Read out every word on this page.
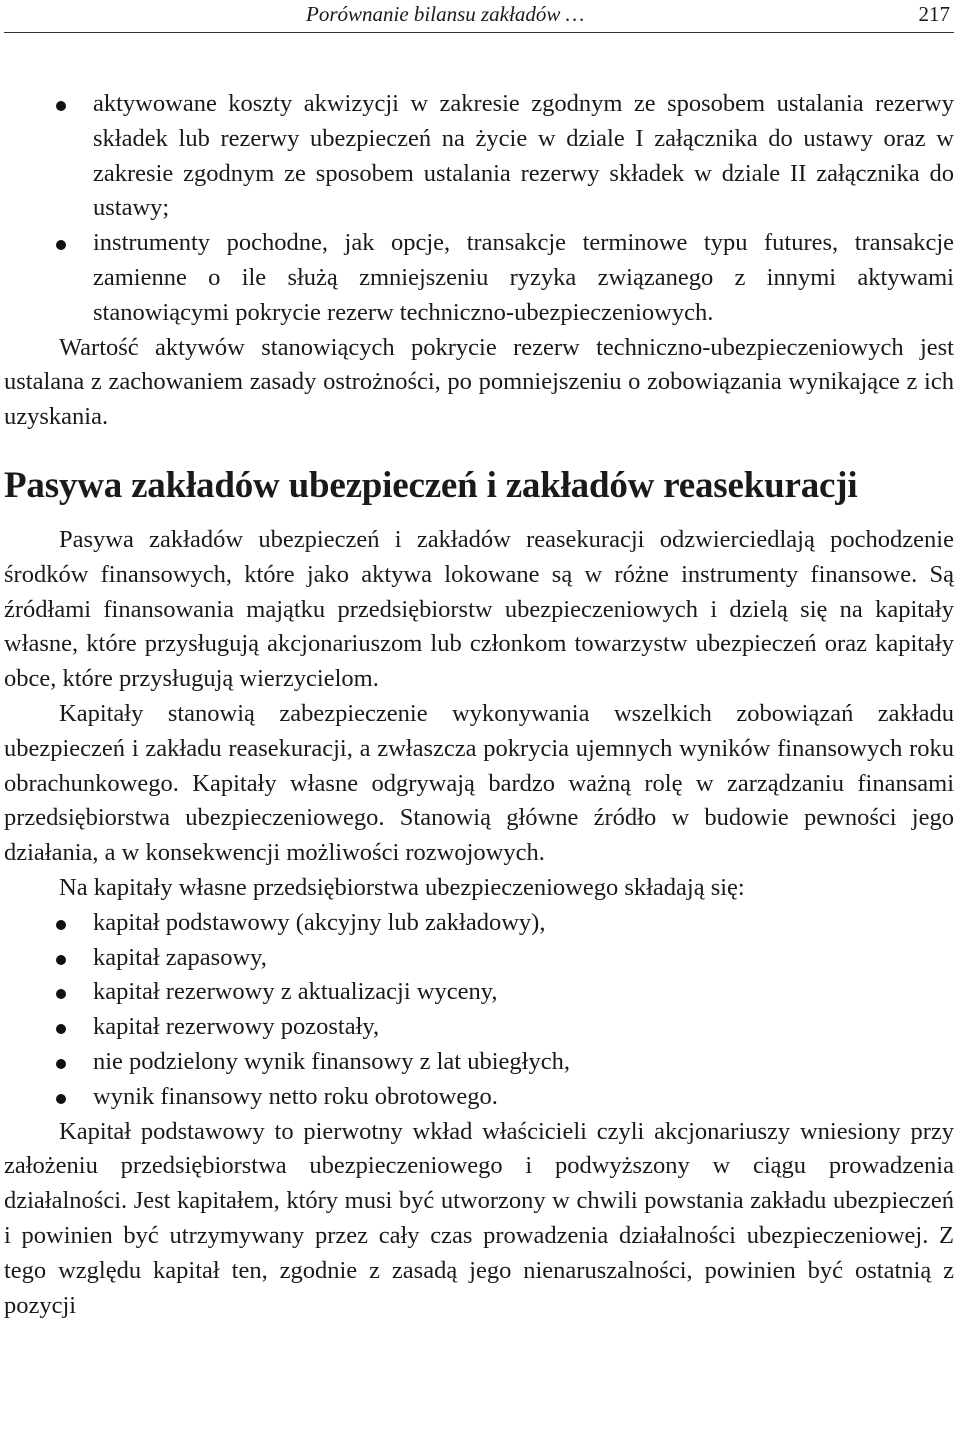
Porównanie bilansu zakładów …	217
aktywowane koszty akwizycji w zakresie zgodnym ze sposobem ustalania rezerwy składek lub rezerwy ubezpieczeń na życie w dziale I załącznika do ustawy oraz w zakresie zgodnym ze sposobem ustalania rezerwy składek w dziale II załącznika do ustawy;
instrumenty pochodne, jak opcje, transakcje terminowe typu futures, transakcje zamienne o ile służą zmniejszeniu ryzyka związanego z innymi aktywami stanowiącymi pokrycie rezerw techniczno-ubezpieczeniowych.

Wartość aktywów stanowiących pokrycie rezerw techniczno-ubezpieczeniowych jest ustalana z zachowaniem zasady ostrożności, po pomniejszeniu o zobowiązania wynikające z ich uzyskania.

Pasywa zakładów ubezpieczeń i zakładów reasekuracji

Pasywa zakładów ubezpieczeń i zakładów reasekuracji odzwierciedlają pochodzenie środków finansowych, które jako aktywa lokowane są w różne instrumenty finansowe. Są źródłami finansowania majątku przedsiębiorstw ubezpieczeniowych i dzielą się na kapitały własne, które przysługują akcjonariuszom lub członkom towarzystw ubezpieczeń oraz kapitały obce, które przysługują wierzycielom.

Kapitały stanowią zabezpieczenie wykonywania wszelkich zobowiązań zakładu ubezpieczeń i zakładu reasekuracji, a zwłaszcza pokrycia ujemnych wyników finansowych roku obrachunkowego. Kapitały własne odgrywają bardzo ważną rolę w zarządzaniu finansami przedsiębiorstwa ubezpieczeniowego. Stanowią główne źródło w budowie pewności jego działania, a w konsekwencji możliwości rozwojowych.

Na kapitały własne przedsiębiorstwa ubezpieczeniowego składają się:

kapitał podstawowy (akcyjny lub zakładowy),
kapitał zapasowy,
kapitał rezerwowy z aktualizacji wyceny,
kapitał rezerwowy pozostały,
nie podzielony wynik finansowy z lat ubiegłych,
wynik finansowy netto roku obrotowego.

Kapitał podstawowy to pierwotny wkład właścicieli czyli akcjonariuszy wniesiony przy założeniu przedsiębiorstwa ubezpieczeniowego i podwyższony w ciągu prowadzenia działalności. Jest kapitałem, który musi być utworzony w chwili powstania zakładu ubezpieczeń i powinien być utrzymywany przez cały czas prowadzenia działalności ubezpieczeniowej. Z tego względu kapitał ten, zgodnie z zasadą jego nienaruszalności, powinien być ostatnią z pozycji
